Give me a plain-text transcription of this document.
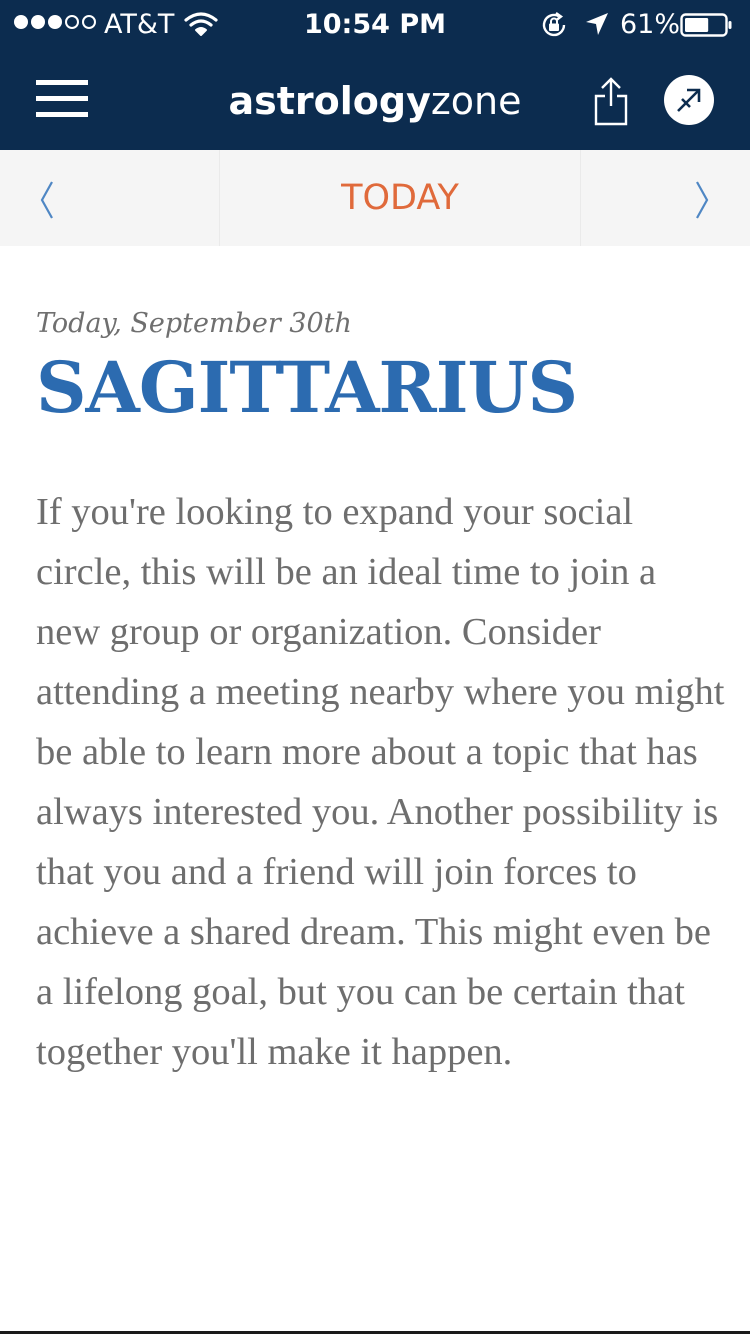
AT&T	10:54 PM	61%
astrologyzone
TODAY

Today, September 30th

SAGITTARIUS

If you're looking to expand your social circle, this will be an ideal time to join a new group or organization. Consider attending a meeting nearby where you might be able to learn more about a topic that has always interested you. Another possibility is that you and a friend will join forces to achieve a shared dream. This might even be a lifelong goal, but you can be certain that together you'll make it happen.
